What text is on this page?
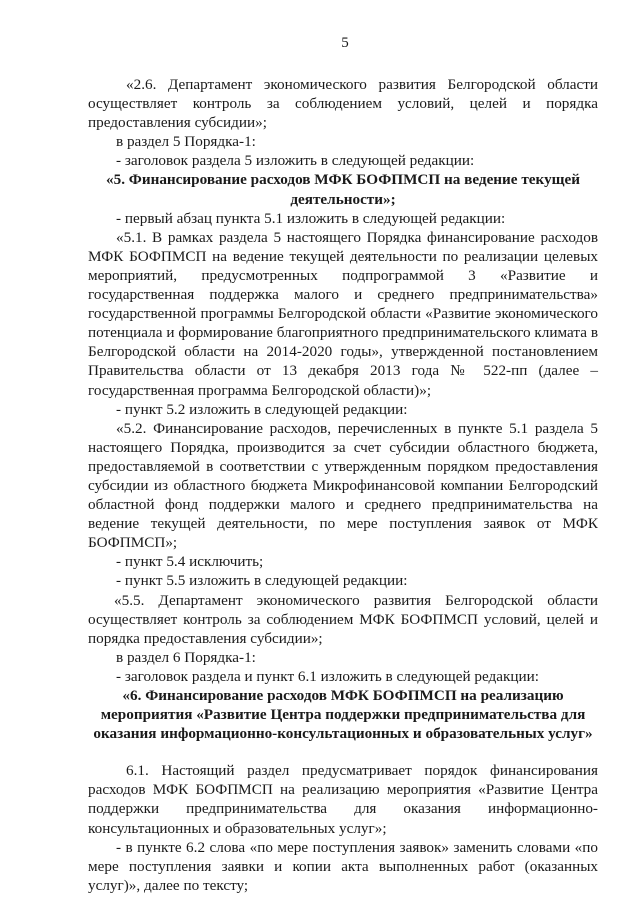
5

«2.6. Департамент экономического развития Белгородской области осуществляет контроль за соблюдением условий, целей и порядка предоставления субсидии»;

в раздел 5 Порядка-1:

- заголовок раздела 5 изложить в следующей редакции:

«5. Финансирование расходов МФК БОФПМСП на ведение текущей деятельности»;

- первый абзац пункта 5.1 изложить в следующей редакции:

«5.1. В рамках раздела 5 настоящего Порядка финансирование расходов МФК БОФПМСП на ведение текущей деятельности по реализации целевых мероприятий, предусмотренных подпрограммой 3 «Развитие и государственная поддержка малого и среднего предпринимательства» государственной программы Белгородской области «Развитие экономического потенциала и формирование благоприятного предпринимательского климата в Белгородской области на 2014-2020 годы», утвержденной постановлением Правительства области от 13 декабря 2013 года № 522-пп (далее – государственная программа Белгородской области)»;

- пункт 5.2 изложить в следующей редакции:

«5.2. Финансирование расходов, перечисленных в пункте 5.1 раздела 5 настоящего Порядка, производится за счет субсидии областного бюджета, предоставляемой в соответствии с утвержденным порядком предоставления субсидии из областного бюджета Микрофинансовой компании Белгородский областной фонд поддержки малого и среднего предпринимательства на ведение текущей деятельности, по мере поступления заявок от МФК БОФПМСП»;

- пункт 5.4 исключить;

- пункт 5.5 изложить в следующей редакции:

«5.5. Департамент экономического развития Белгородской области осуществляет контроль за соблюдением МФК БОФПМСП условий, целей и порядка предоставления субсидии»;

в раздел 6 Порядка-1:

- заголовок раздела и пункт 6.1 изложить в следующей редакции:

«6. Финансирование расходов МФК БОФПМСП на реализацию мероприятия «Развитие Центра поддержки предпринимательства для оказания информационно-консультационных и образовательных услуг»

6.1. Настоящий раздел предусматривает порядок финансирования расходов МФК БОФПМСП на реализацию мероприятия «Развитие Центра поддержки предпринимательства для оказания информационно-консультационных и образовательных услуг»;

- в пункте 6.2 слова «по мере поступления заявок» заменить словами «по мере поступления заявки и копии акта выполненных работ (оказанных услуг)», далее по тексту;
